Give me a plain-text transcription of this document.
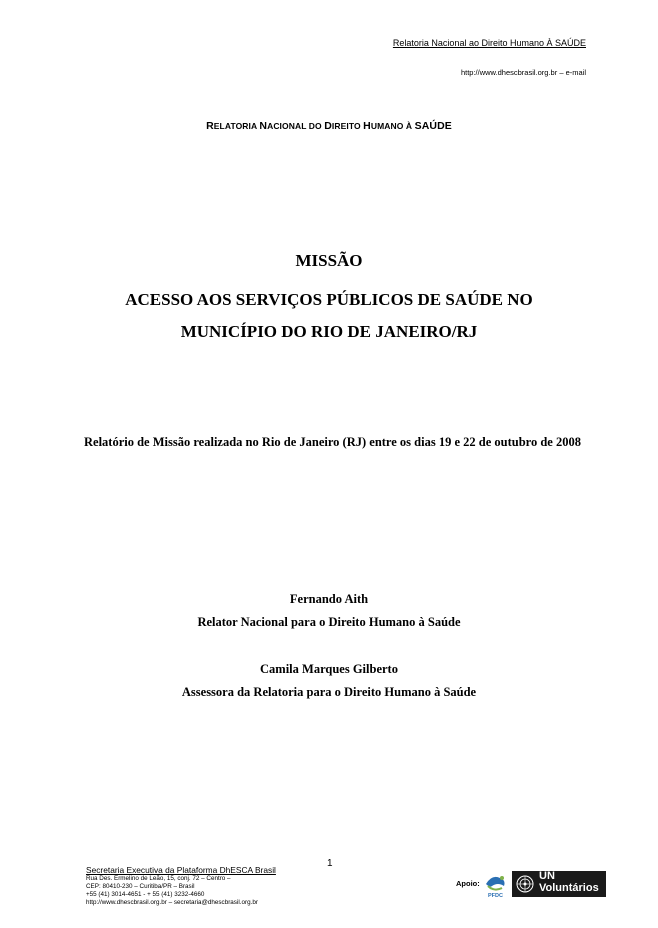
Relatoria Nacional ao Direito Humano À SAÚDE
http://www.dhescbrasil.org.br – e-mail
RELATORIA NACIONAL DO DIREITO HUMANO À SAÚDE
MISSÃO
ACESSO AOS SERVIÇOS PÚBLICOS DE SAÚDE NO
MUNICÍPIO DO RIO DE JANEIRO/RJ
Relatório de Missão realizada no Rio de Janeiro (RJ) entre os dias 19 e 22 de outubro de 2008
Fernando Aith
Relator Nacional para o Direito Humano à Saúde
Camila Marques Gilberto
Assessora da Relatoria para o Direito Humano à Saúde
1
Secretaria Executiva da Plataforma DhESCA Brasil
Rua Des. Ermelino de Leão, 15, conj. 72 – Centro –
CEP: 80410-230 – Curitiba/PR – Brasil
+55 (41) 3014-4651 - + 55 (41) 3232-4660
http://www.dhescbrasil.org.br – secretaria@dhescbrasil.org.br
Apoio:
PFDC
UN
Voluntários
